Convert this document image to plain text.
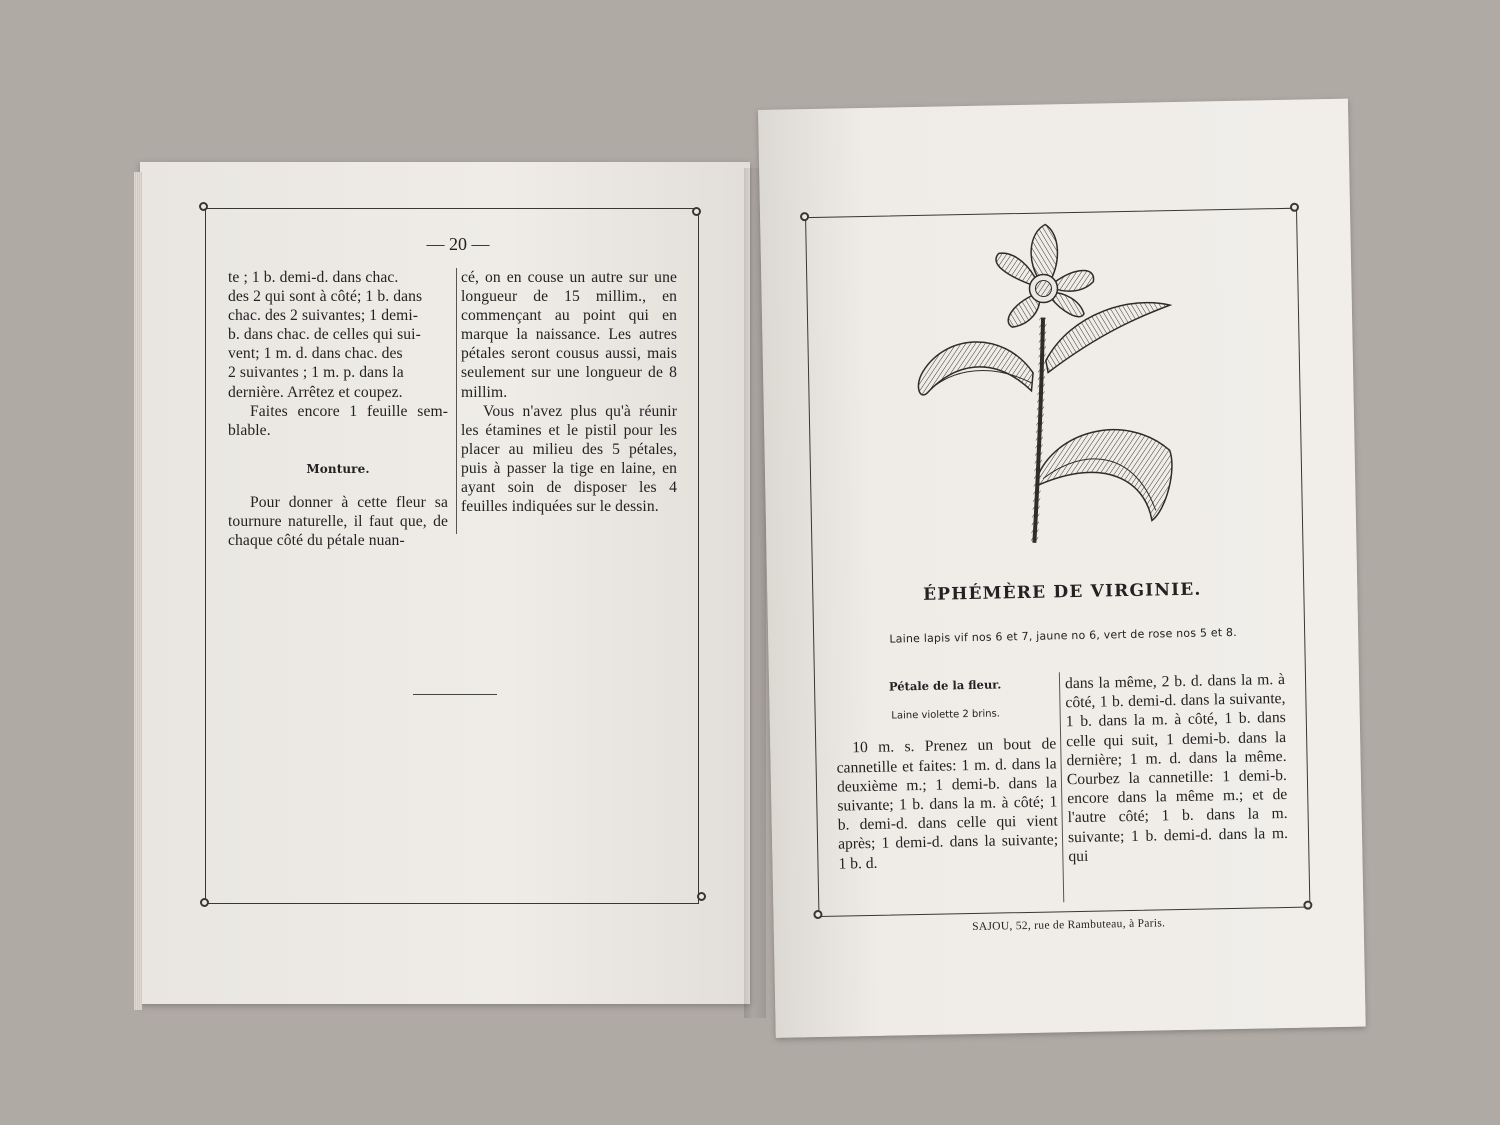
— 20 —

te ; 1 b. demi-d. dans chac.

des 2 qui sont à côté; 1 b. dans

chac. des 2 suivantes; 1 demi-

b. dans chac. de celles qui sui-

vent; 1 m. d. dans chac. des

2 suivantes ; 1 m. p. dans la

dernière. Arrêtez et coupez.

Faites encore 1 feuille sem-blable.

Monture.

Pour donner à cette fleur sa tournure naturelle, il faut que, de chaque côté du pétale nuan-

cé, on en couse un autre sur une longueur de 15 millim., en commençant au point qui en marque la naissance. Les autres pétales seront cousus aussi, mais seulement sur une longueur de 8 millim.

Vous n'avez plus qu'à réunir les étamines et le pistil pour les placer au milieu des 5 pétales, puis à passer la tige en laine, en ayant soin de disposer les 4 feuilles indiquées sur le dessin.

ÉPHÉMÈRE DE VIRGINIE.
Laine lapis vif nos 6 et 7, jaune no 6, vert de rose nos 5 et 8.

Pétale de la fleur.

Laine violette 2 brins.

10 m. s. Prenez un bout de cannetille et faites: 1 m. d. dans la deuxième m.; 1 demi-b. dans la suivante; 1 b. dans la m. à côté; 1 b. demi-d. dans celle qui vient après; 1 demi-d. dans la suivante; 1 b. d.

dans la même, 2 b. d. dans la m. à côté, 1 b. demi-d. dans la suivante, 1 b. dans la m. à côté, 1 b. dans celle qui suit, 1 demi-b. dans la dernière; 1 m. d. dans la même. Courbez la cannetille: 1 demi-b. encore dans la même m.; et de l'autre côté; 1 b. dans la m. suivante; 1 b. demi-d. dans la m. qui

SAJOU, 52, rue de Rambuteau, à Paris.
